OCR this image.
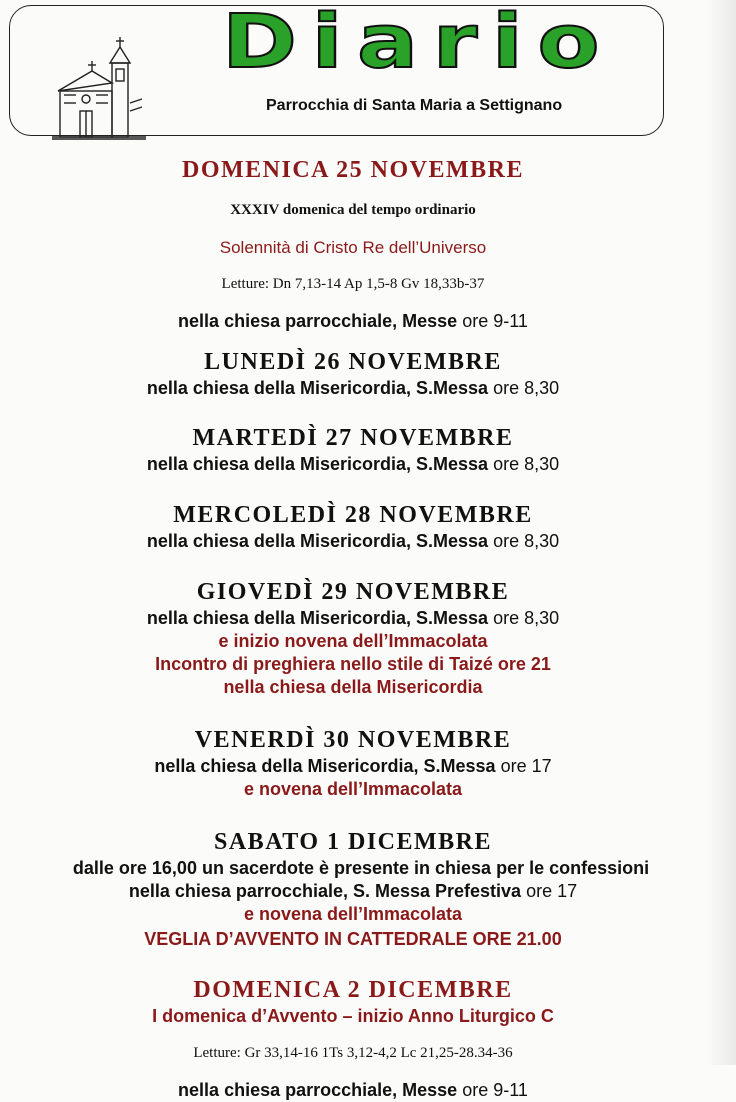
Diario
Parrocchia di Santa Maria a Settignano

DOMENICA 25 NOVEMBRE

XXXIV domenica del tempo ordinario

Solennità di Cristo Re dell’Universo

Letture: Dn 7,13-14 Ap 1,5-8 Gv 18,33b-37

nella chiesa parrocchiale, Messe ore 9-11

LUNEDÌ 26 NOVEMBRE

nella chiesa della Misericordia, S.Messa ore 8,30

MARTEDÌ 27 NOVEMBRE

nella chiesa della Misericordia, S.Messa ore 8,30

MERCOLEDÌ 28 NOVEMBRE

nella chiesa della Misericordia, S.Messa ore 8,30

GIOVEDÌ 29 NOVEMBRE

nella chiesa della Misericordia, S.Messa ore 8,30

e inizio novena dell’Immacolata

Incontro di preghiera nello stile di Taizé ore 21

nella chiesa della Misericordia

VENERDÌ 30 NOVEMBRE

nella chiesa della Misericordia, S.Messa ore 17

e novena dell’Immacolata

SABATO 1 DICEMBRE

dalle ore 16,00 un sacerdote è presente in chiesa per le confessioni

nella chiesa parrocchiale, S. Messa Prefestiva ore 17

e novena dell’Immacolata

VEGLIA D’AVVENTO IN CATTEDRALE ORE 21.00

DOMENICA 2 DICEMBRE

I domenica d’Avvento – inizio Anno Liturgico C

Letture: Gr 33,14-16 1Ts 3,12-4,2 Lc 21,25-28.34-36

nella chiesa parrocchiale, Messe ore 9-11
